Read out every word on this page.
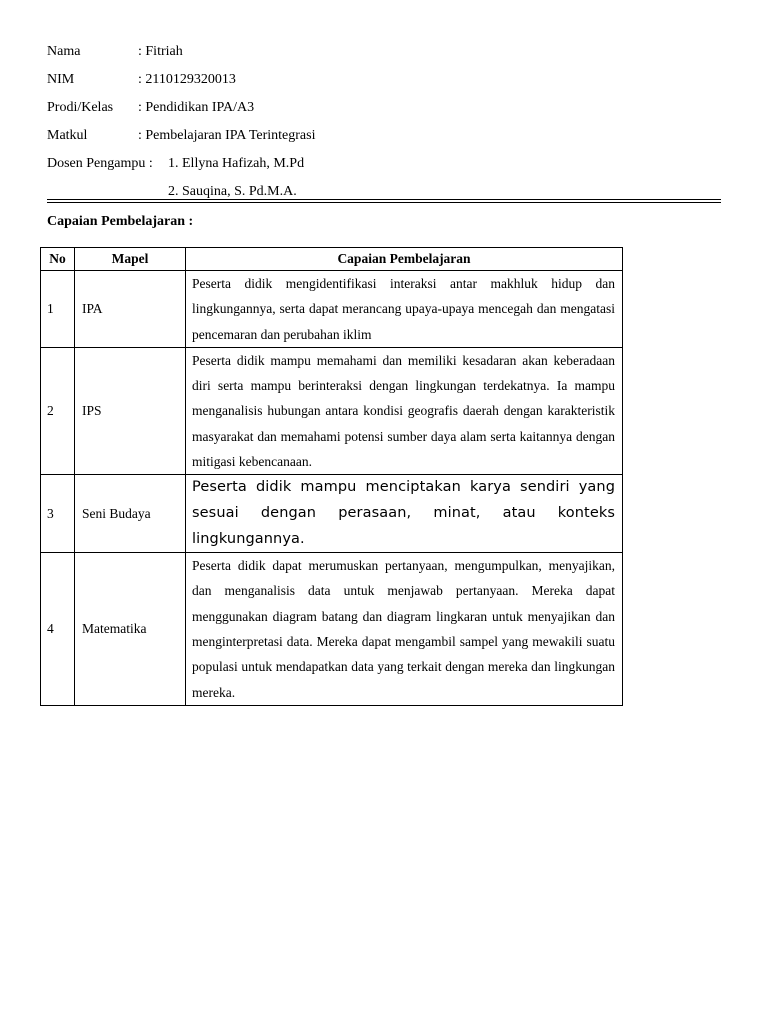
Nama	: Fitriah
NIM	: 2110129320013
Prodi/Kelas : Pendidikan IPA/A3
Matkul	: Pembelajaran IPA Terintegrasi
Dosen Pengampu : 1. Ellyna Hafizah, M.Pd
2. Sauqina, S. Pd.M.A.
Capaian Pembelajaran :
No	Mapel	Capaian Pembelajaran
1	IPA	Peserta didik mengidentifikasi interaksi antar makhluk hidup dan lingkungannya, serta dapat merancang upaya-upaya mencegah dan mengatasi pencemaran dan perubahan iklim
2	IPS	Peserta didik mampu memahami dan memiliki kesadaran akan keberadaan diri serta mampu berinteraksi dengan lingkungan terdekatnya. Ia mampu menganalisis hubungan antara kondisi geografis daerah dengan karakteristik masyarakat dan memahami potensi sumber daya alam serta kaitannya dengan mitigasi kebencanaan.
3	Seni Budaya	Peserta didik mampu menciptakan karya sendiri yang sesuai dengan perasaan, minat, atau konteks lingkungannya.
4	Matematika	Peserta didik dapat merumuskan pertanyaan, mengumpulkan, menyajikan, dan menganalisis data untuk menjawab pertanyaan. Mereka dapat menggunakan diagram batang dan diagram lingkaran untuk menyajikan dan menginterpretasi data. Mereka dapat mengambil sampel yang mewakili suatu populasi untuk mendapatkan data yang terkait dengan mereka dan lingkungan mereka.
